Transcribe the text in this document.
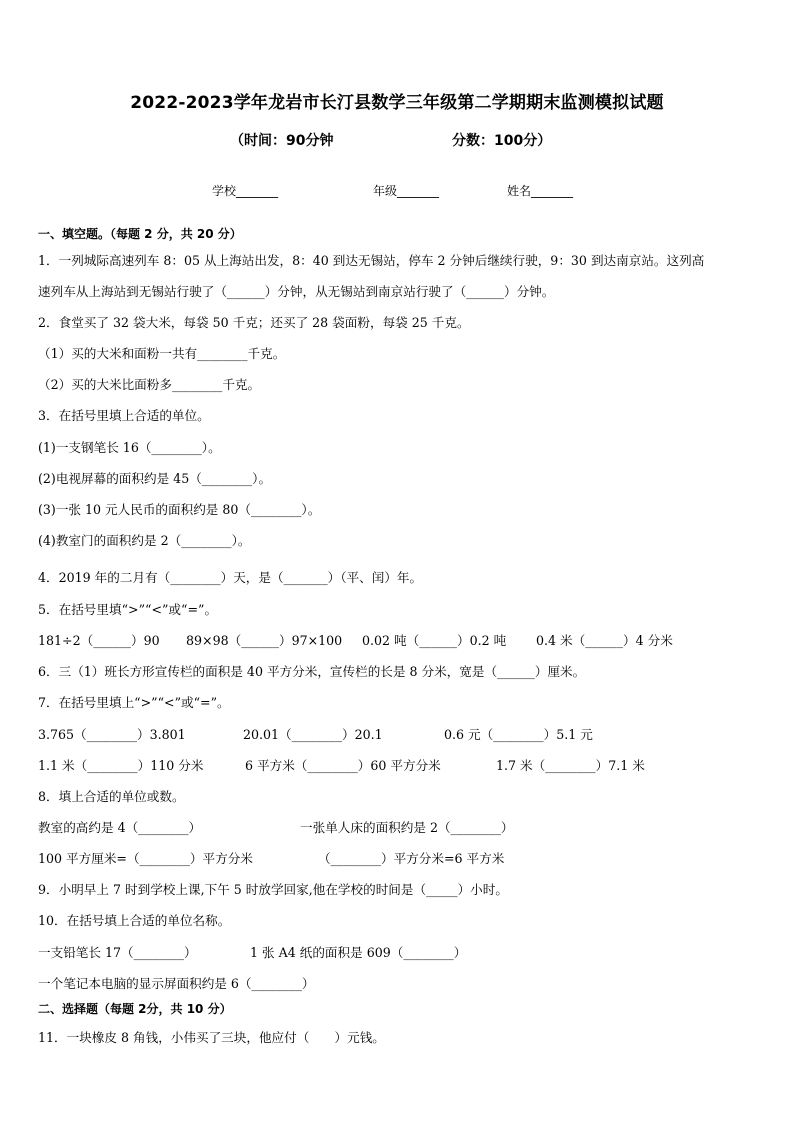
2022-2023学年龙岩市长汀县数学三年级第二学期期末监测模拟试题
（时间：90分钟	分数：100分）
学校_______	年级_______	姓名_______
一、填空题。（每题 2 分，共 20 分）
1．一列城际高速列车 8：05 从上海站出发，8：40 到达无锡站，停车 2 分钟后继续行驶，9：30 到达南京站。这列高
速列车从上海站到无锡站行驶了（______）分钟，从无锡站到南京站行驶了（______）分钟。
2．食堂买了 32 袋大米，每袋 50 千克；还买了 28 袋面粉，每袋 25 千克。
（1）买的大米和面粉一共有________千克。
（2）买的大米比面粉多________千克。
3．在括号里填上合适的单位。
(1)一支钢笔长 16（________）。
(2)电视屏幕的面积约是 45（________）。
(3)一张 10 元人民币的面积约是 80（________）。
(4)教室门的面积约是 2（________）。
4．2019 年的二月有（________）天，是（_______）（平、闰）年。
5．在括号里填“>”“<”或“=”。
181÷2（______）90 89×98（______）97×100 0.02 吨（______）0.2 吨 0.4 米（______）4 分米
6．三（1）班长方形宣传栏的面积是 40 平方分米，宣传栏的长是 8 分米，宽是（______）厘米。
7．在括号里填上“>”“<”或“=”。
3.765（________）3.801	20.01（________）20.1	0.6 元（________）5.1 元
1.1 米（________）110 分米	6 平方米（________）60 平方分米	1.7 米（________）7.1 米
8．填上合适的单位或数。
教室的高约是 4（________）	一张单人床的面积约是 2（________）
100 平方厘米=（________）平方分米	（________）平方分米=6 平方米
9．小明早上 7 时到学校上课,下午 5 时放学回家,他在学校的时间是（_____）小时。
10．在括号填上合适的单位名称。
一支铅笔长 17（________）	1 张 A4 纸的面积是 609（________）
一个笔记本电脑的显示屏面积约是 6（________）
二、选择题（每题 2分，共 10 分）
11．一块橡皮 8 角钱，小伟买了三块，他应付（　　）元钱。
